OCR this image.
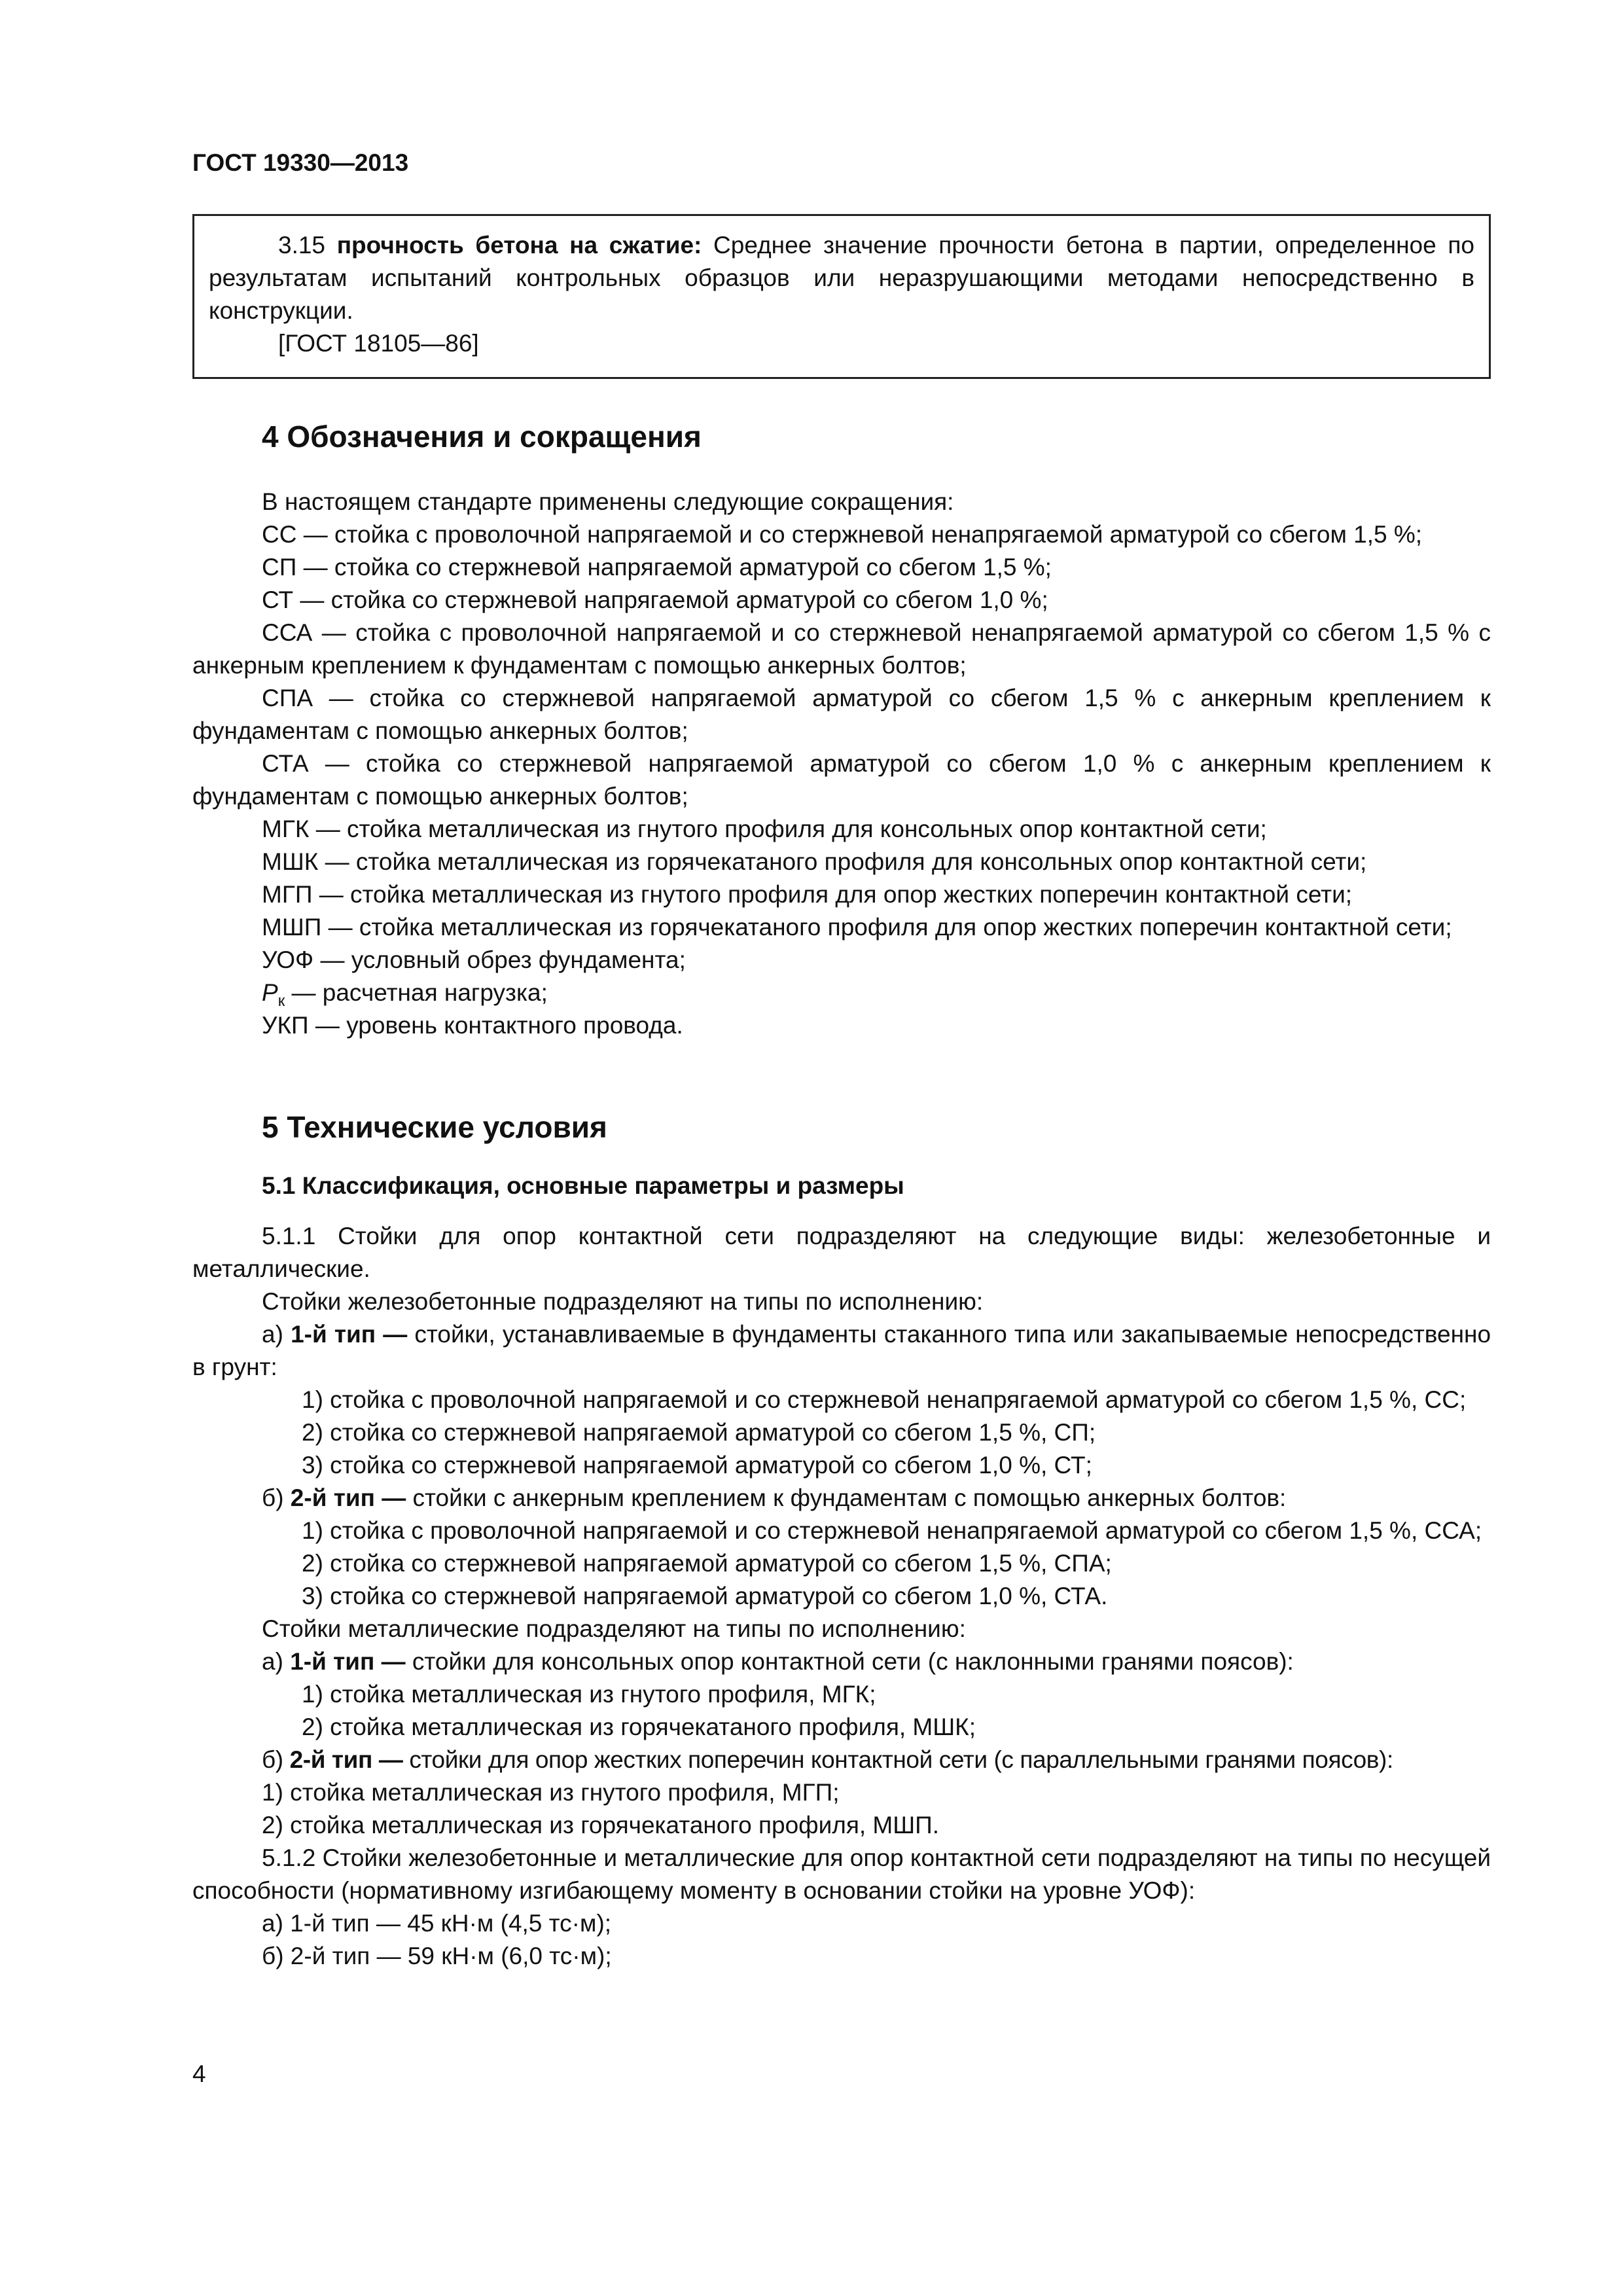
ГОСТ 19330—2013

3.15 прочность бетона на сжатие: Среднее значение прочности бетона в партии, определенное по результатам испытаний контрольных образцов или неразрушающими методами непосредственно в конструкции.

[ГОСТ 18105—86]

4 Обозначения и сокращения

В настоящем стандарте применены следующие сокращения:

СС — стойка с проволочной напрягаемой и со стержневой ненапрягаемой арматурой со сбегом 1,5 %;

СП — стойка со стержневой напрягаемой арматурой со сбегом 1,5 %;

СТ — стойка со стержневой напрягаемой арматурой со сбегом 1,0 %;

ССА — стойка с проволочной напрягаемой и со стержневой ненапрягаемой арматурой со сбегом 1,5 % с анкерным креплением к фундаментам с помощью анкерных болтов;

СПА — стойка со стержневой напрягаемой арматурой со сбегом 1,5 % с анкерным креплением к фундаментам с помощью анкерных болтов;

СТА — стойка со стержневой напрягаемой арматурой со сбегом 1,0 % с анкерным креплением к фундаментам с помощью анкерных болтов;

МГК — стойка металлическая из гнутого профиля для консольных опор контактной сети;

МШК — стойка металлическая из горячекатаного профиля для консольных опор контактной сети;

МГП — стойка металлическая из гнутого профиля для опор жестких поперечин контактной сети;

МШП — стойка металлическая из горячекатаного профиля для опор жестких поперечин контактной сети;

УОФ — условный обрез фундамента;

$P_к$ — расчетная нагрузка;

УКП — уровень контактного провода.

5 Технические условия

5.1 Классификация, основные параметры и размеры

5.1.1 Стойки для опор контактной сети подразделяют на следующие виды: железобетонные и металлические.

Стойки железобетонные подразделяют на типы по исполнению:

а) 1-й тип — стойки, устанавливаемые в фундаменты стаканного типа или закапываемые непосредственно в грунт:

1) стойка с проволочной напрягаемой и со стержневой ненапрягаемой арматурой со сбегом 1,5 %, СС;

2) стойка со стержневой напрягаемой арматурой со сбегом 1,5 %, СП;

3) стойка со стержневой напрягаемой арматурой со сбегом 1,0 %, СТ;

б) 2-й тип — стойки с анкерным креплением к фундаментам с помощью анкерных болтов:

1) стойка с проволочной напрягаемой и со стержневой ненапрягаемой арматурой со сбегом 1,5 %, ССА;

2) стойка со стержневой напрягаемой арматурой со сбегом 1,5 %, СПА;

3) стойка со стержневой напрягаемой арматурой со сбегом 1,0 %, СТА.

Стойки металлические подразделяют на типы по исполнению:

а) 1-й тип — стойки для консольных опор контактной сети (с наклонными гранями поясов):

1) стойка металлическая из гнутого профиля, МГК;

2) стойка металлическая из горячекатаного профиля, МШК;

б) 2-й тип — стойки для опор жестких поперечин контактной сети (с параллельными гранями поясов):

1) стойка металлическая из гнутого профиля, МГП;

2) стойка металлическая из горячекатаного профиля, МШП.

5.1.2 Стойки железобетонные и металлические для опор контактной сети подразделяют на типы по несущей способности (нормативному изгибающему моменту в основании стойки на уровне УОФ):

а) 1-й тип — 45 кН·м (4,5 тс·м);

б) 2-й тип — 59 кН·м (6,0 тс·м);

4
